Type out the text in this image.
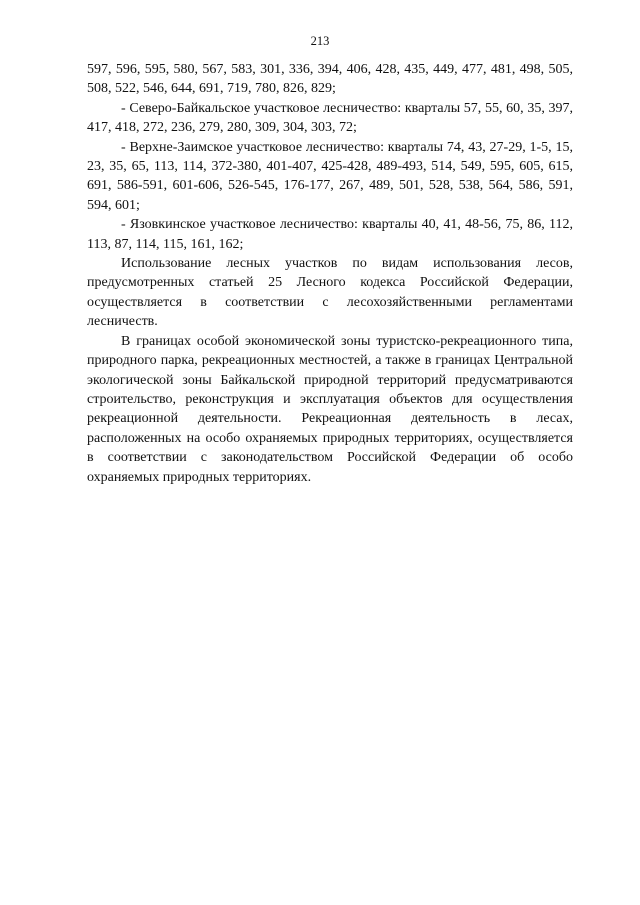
213

597, 596, 595, 580, 567, 583, 301, 336, 394, 406, 428, 435, 449, 477, 481, 498, 505, 508, 522, 546, 644, 691, 719, 780, 826, 829;

- Северо-Байкальское участковое лесничество: кварталы 57, 55, 60, 35, 397, 417, 418, 272, 236, 279, 280, 309, 304, 303, 72;

- Верхне-Заимское участковое лесничество: кварталы 74, 43, 27-29, 1-5, 15, 23, 35, 65, 113, 114, 372-380, 401-407, 425-428, 489-493, 514, 549, 595, 605, 615, 691, 586-591, 601-606, 526-545, 176-177, 267, 489, 501, 528, 538, 564, 586, 591, 594, 601;

- Язовкинское участковое лесничество: кварталы 40, 41, 48-56, 75, 86, 112, 113, 87, 114, 115, 161, 162;

Использование лесных участков по видам использования лесов, предусмотренных статьей 25 Лесного кодекса Российской Федерации, осуществляется в соответствии с лесохозяйственными регламентами лесничеств.

В границах особой экономической зоны туристско-рекреационного типа, природного парка, рекреационных местностей, а также в границах Центральной экологической зоны Байкальской природной территорий предусматриваются строительство, реконструкция и эксплуатация объектов для осуществления рекреационной деятельности. Рекреационная деятельность в лесах, расположенных на особо охраняемых природных территориях, осуществляется в соответствии с законодательством Российской Федерации об особо охраняемых природных территориях.
